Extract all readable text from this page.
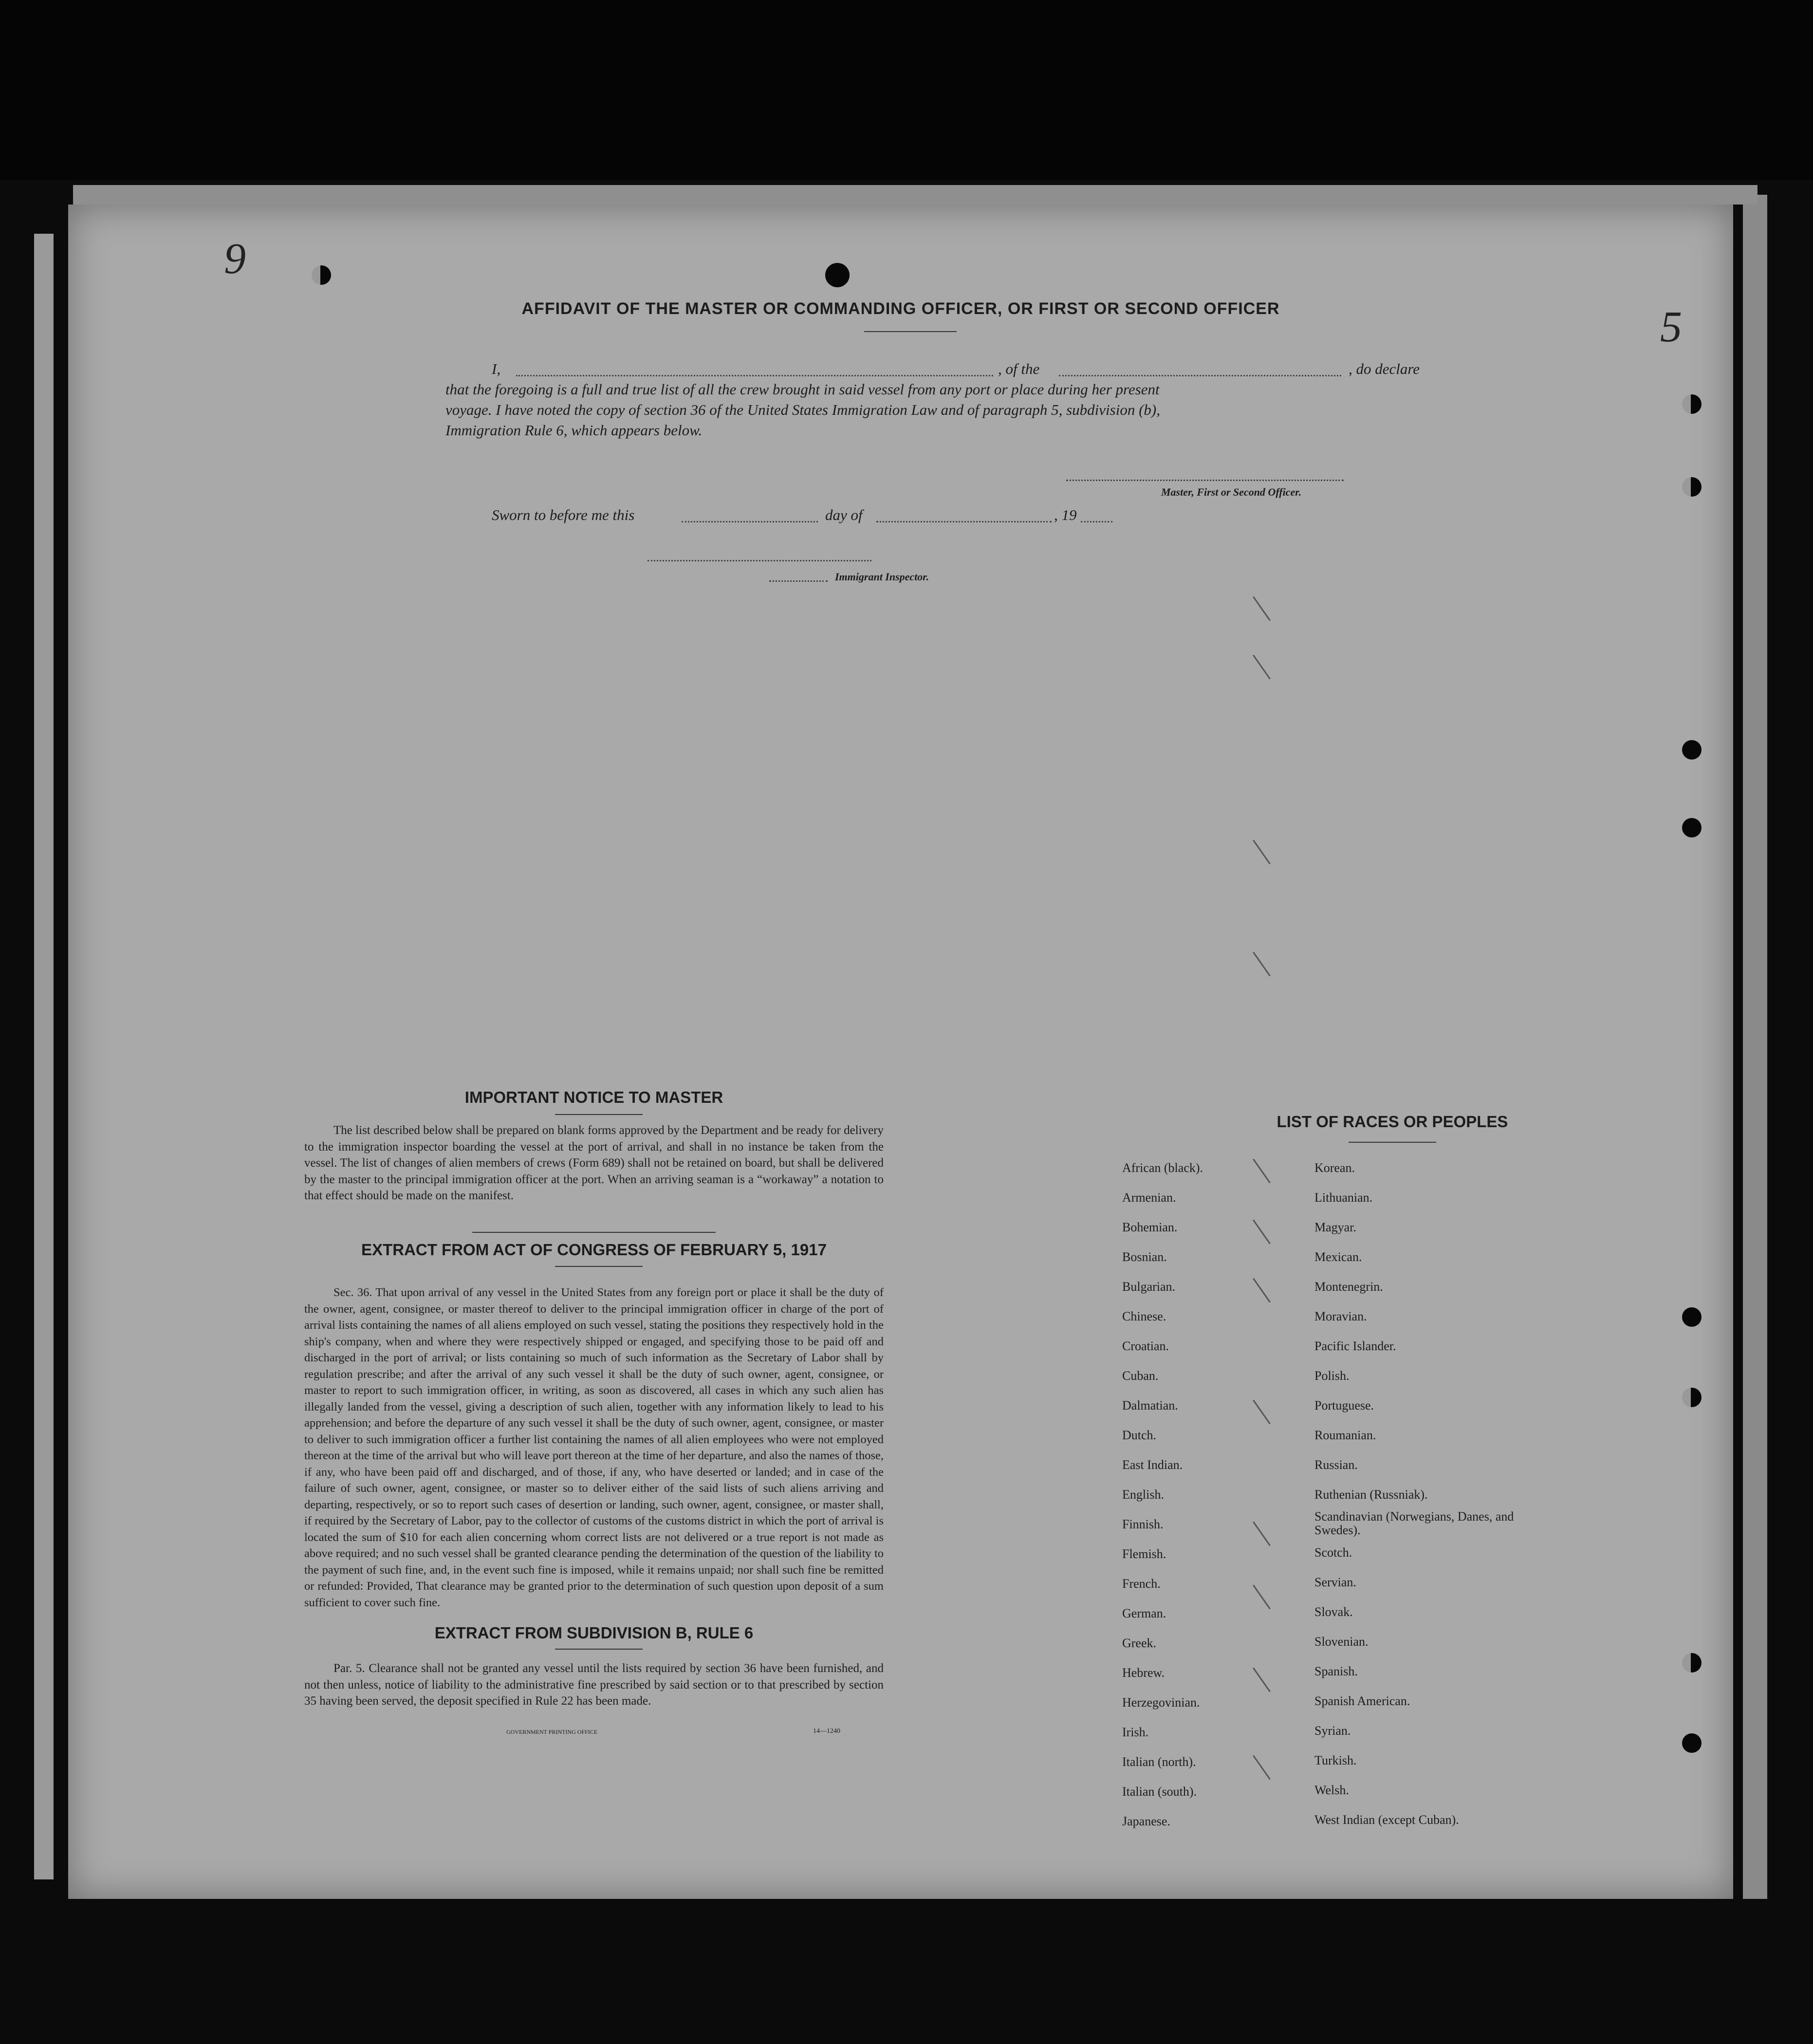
9
5
AFFIDAVIT OF THE MASTER OR COMMANDING OFFICER, OR FIRST OR SECOND OFFICER
I,	, of the	, do declare
that the foregoing is a full and true list of all the crew brought in said vessel from any port or place during her present
voyage. I have noted the copy of section 36 of the United States Immigration Law and of paragraph 5, subdivision (b),
Immigration Rule 6, which appears below.
Master, First or Second Officer.
Sworn to before me this	day of	, 19
Immigrant Inspector.
IMPORTANT NOTICE TO MASTER
The list described below shall be prepared on blank forms approved by the Department and be ready for delivery to the immigration inspector boarding the vessel at the port of arrival, and shall in no instance be taken from the vessel. The list of changes of alien members of crews (Form 689) shall not be retained on board, but shall be delivered by the master to the principal immigration officer at the port. When an arriving seaman is a “workaway” a notation to that effect should be made on the manifest.
EXTRACT FROM ACT OF CONGRESS OF FEBRUARY 5, 1917
Sec. 36. That upon arrival of any vessel in the United States from any foreign port or place it shall be the duty of the owner, agent, consignee, or master thereof to deliver to the principal immigration officer in charge of the port of arrival lists containing the names of all aliens employed on such vessel, stating the positions they respectively hold in the ship's company, when and where they were respectively shipped or engaged, and specifying those to be paid off and discharged in the port of arrival; or lists containing so much of such information as the Secretary of Labor shall by regulation prescribe; and after the arrival of any such vessel it shall be the duty of such owner, agent, consignee, or master to report to such immigration officer, in writing, as soon as discovered, all cases in which any such alien has illegally landed from the vessel, giving a description of such alien, together with any information likely to lead to his apprehension; and before the departure of any such vessel it shall be the duty of such owner, agent, consignee, or master to deliver to such immigration officer a further list containing the names of all alien employees who were not employed thereon at the time of the arrival but who will leave port thereon at the time of her departure, and also the names of those, if any, who have been paid off and discharged, and of those, if any, who have deserted or landed; and in case of the failure of such owner, agent, consignee, or master so to deliver either of the said lists of such aliens arriving and departing, respectively, or so to report such cases of desertion or landing, such owner, agent, consignee, or master shall, if required by the Secretary of Labor, pay to the collector of customs of the customs district in which the port of arrival is located the sum of $10 for each alien concerning whom correct lists are not delivered or a true report is not made as above required; and no such vessel shall be granted clearance pending the determination of the question of the liability to the payment of such fine, and, in the event such fine is imposed, while it remains unpaid; nor shall such fine be remitted or refunded: Provided, That clearance may be granted prior to the determination of such question upon deposit of a sum sufficient to cover such fine.
EXTRACT FROM SUBDIVISION B, RULE 6
Par. 5. Clearance shall not be granted any vessel until the lists required by section 36 have been furnished, and not then unless, notice of liability to the administrative fine prescribed by said section or to that prescribed by section 35 having been served, the deposit specified in Rule 22 has been made.
GOVERNMENT PRINTING OFFICE	14—1240
LIST OF RACES OR PEOPLES
African (black).
Armenian.
Bohemian.
Bosnian.
Bulgarian.
Chinese.
Croatian.
Cuban.
Dalmatian.
Dutch.
East Indian.
English.
Finnish.
Flemish.
French.
German.
Greek.
Hebrew.
Herzegovinian.
Irish.
Italian (north).
Italian (south).
Japanese.
Korean.
Lithuanian.
Magyar.
Mexican.
Montenegrin.
Moravian.
Pacific Islander.
Polish.
Portuguese.
Roumanian.
Russian.
Ruthenian (Russniak).
Scandinavian (Norwegians, Danes, and Swedes).
Scotch.
Servian.
Slovak.
Slovenian.
Spanish.
Spanish American.
Syrian.
Turkish.
Welsh.
West Indian (except Cuban).
